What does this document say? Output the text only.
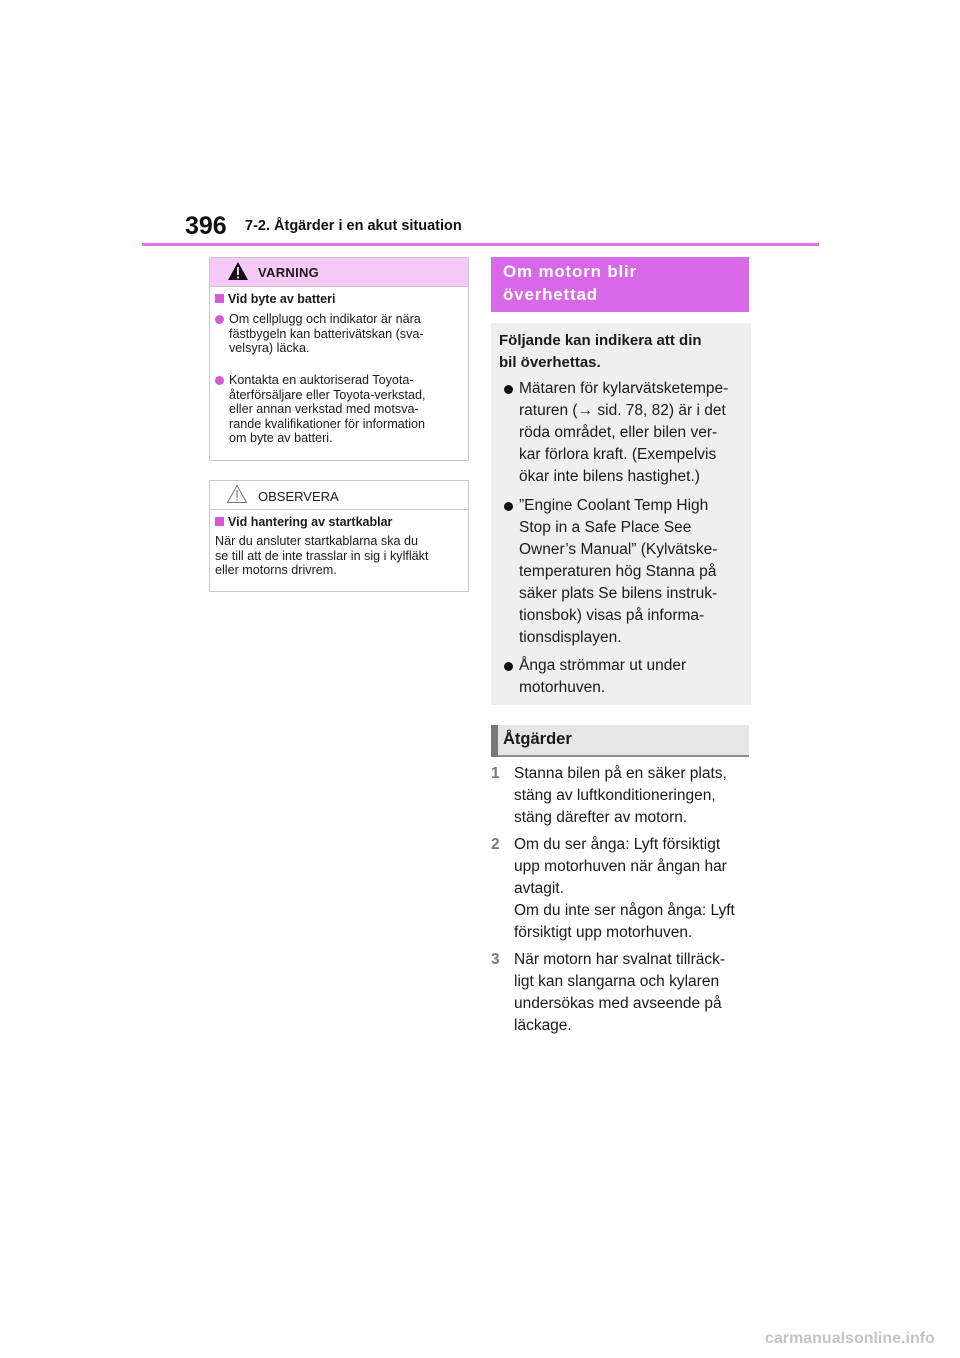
396 7-2. Åtgärder i en akut situation
VARNING
Vid byte av batteri
Om cellplugg och indikator är nära
fästbygeln kan batterivätskan (sva-
velsyra) läcka.
Kontakta en auktoriserad Toyota-
återförsäljare eller Toyota-verkstad,
eller annan verkstad med motsva-
rande kvalifikationer för information
om byte av batteri.
OBSERVERA
Vid hantering av startkablar
När du ansluter startkablarna ska du
se till att de inte trasslar in sig i kylfläkt
eller motorns drivrem.
Om motorn blir
överhettad
Följande kan indikera att din
bil överhettas.
Mätaren för kylarvätsketempe-
raturen (→ sid. 78, 82) är i det
röda området, eller bilen ver-
kar förlora kraft. (Exempelvis
ökar inte bilens hastighet.)
”Engine Coolant Temp High
Stop in a Safe Place See
Owner’s Manual” (Kylvätske-
temperaturen hög Stanna på
säker plats Se bilens instruk-
tionsbok) visas på informa-
tionsdisplayen.
Ånga strömmar ut under
motorhuven.
Åtgärder
1 Stanna bilen på en säker plats,
stäng av luftkonditioneringen,
stäng därefter av motorn.
2 Om du ser ånga: Lyft försiktigt
upp motorhuven när ångan har
avtagit.
Om du inte ser någon ånga: Lyft
försiktigt upp motorhuven.
3 När motorn har svalnat tillräck-
ligt kan slangarna och kylaren
undersökas med avseende på
läckage.
carmanualsonline.info
